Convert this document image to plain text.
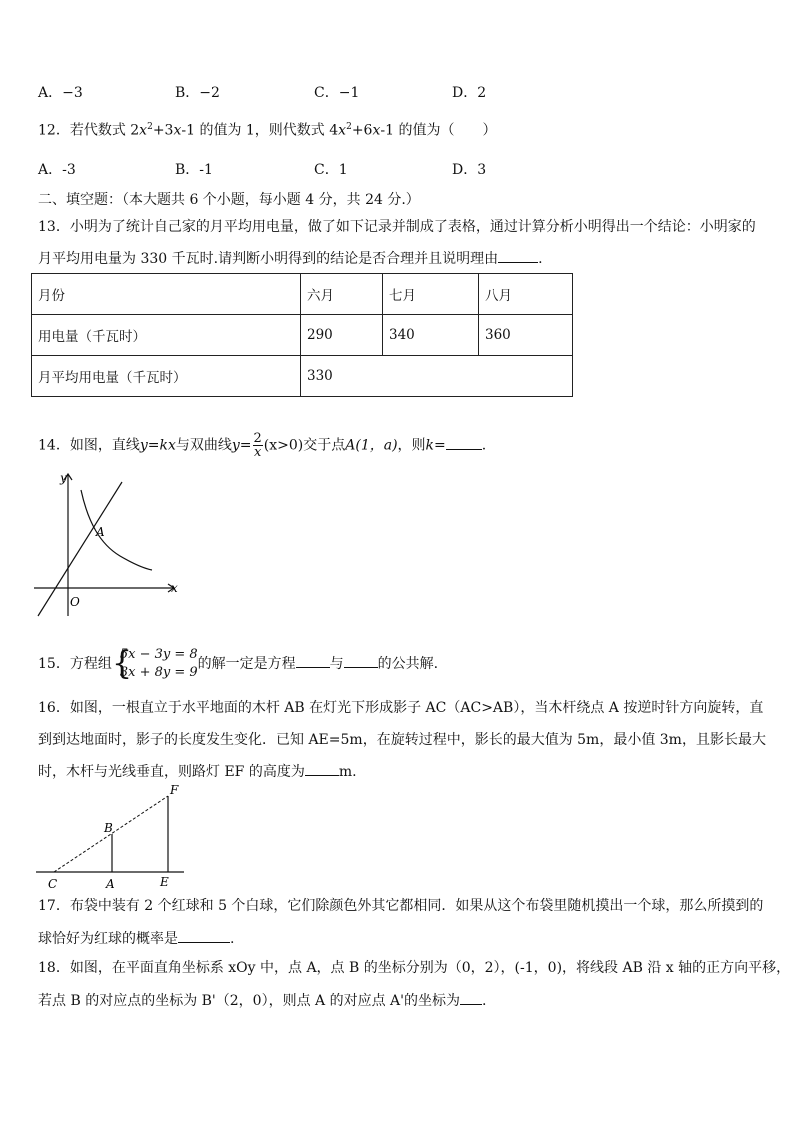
A．−3	B．−2	C．−1	D．2
12．若代数式 $2x^2+3x-1$ 的值为 1，则代数式 $4x^2+6x-1$ 的值为（　　）
A．-3	B．-1	C．1	D．3
二、填空题：（本大题共 6 个小题，每小题 4 分，共 24 分.）
13．小明为了统计自己家的月平均用电量，做了如下记录并制成了表格，通过计算分析小明得出一个结论：小明家的
月平均用电量为 330 千瓦时.请判断小明得到的结论是否合理并且说明理由	.
月份	六月	七月	八月
用电量（千瓦时）	290	340	360
月平均用电量（千瓦时）	330		
14．如图，直线y=kx与双曲线$y= \frac{2}{x} (x>0)$交于点A(1，a)，则k=	.
y
x
O
A
15．方程组 {
5x − 3y = 8
3x + 8y = 9
的解一定是方程 与 的公共解.
16．如图，一根直立于水平地面的木杆 AB 在灯光下形成影子 AC（AC>AB），当木杆绕点 A 按逆时针方向旋转，直
到到达地面时，影子的长度发生变化．已知 AE=5m，在旋转过程中，影长的最大值为 5m，最小值 3m，且影长最大
时，木杆与光线垂直，则路灯 EF 的高度为 m.
F
B
C	A	E
17．布袋中装有 2 个红球和 5 个白球，它们除颜色外其它都相同．如果从这个布袋里随机摸出一个球，那么所摸到的
球恰好为红球的概率是	.
18．如图，在平面直角坐标系 xOy 中，点 A，点 B 的坐标分别为（0，2），(-1，0)，将线段 AB 沿 x 轴的正方向平移，
若点 B 的对应点的坐标为 B'（2，0），则点 A 的对应点 A'的坐标为 .
